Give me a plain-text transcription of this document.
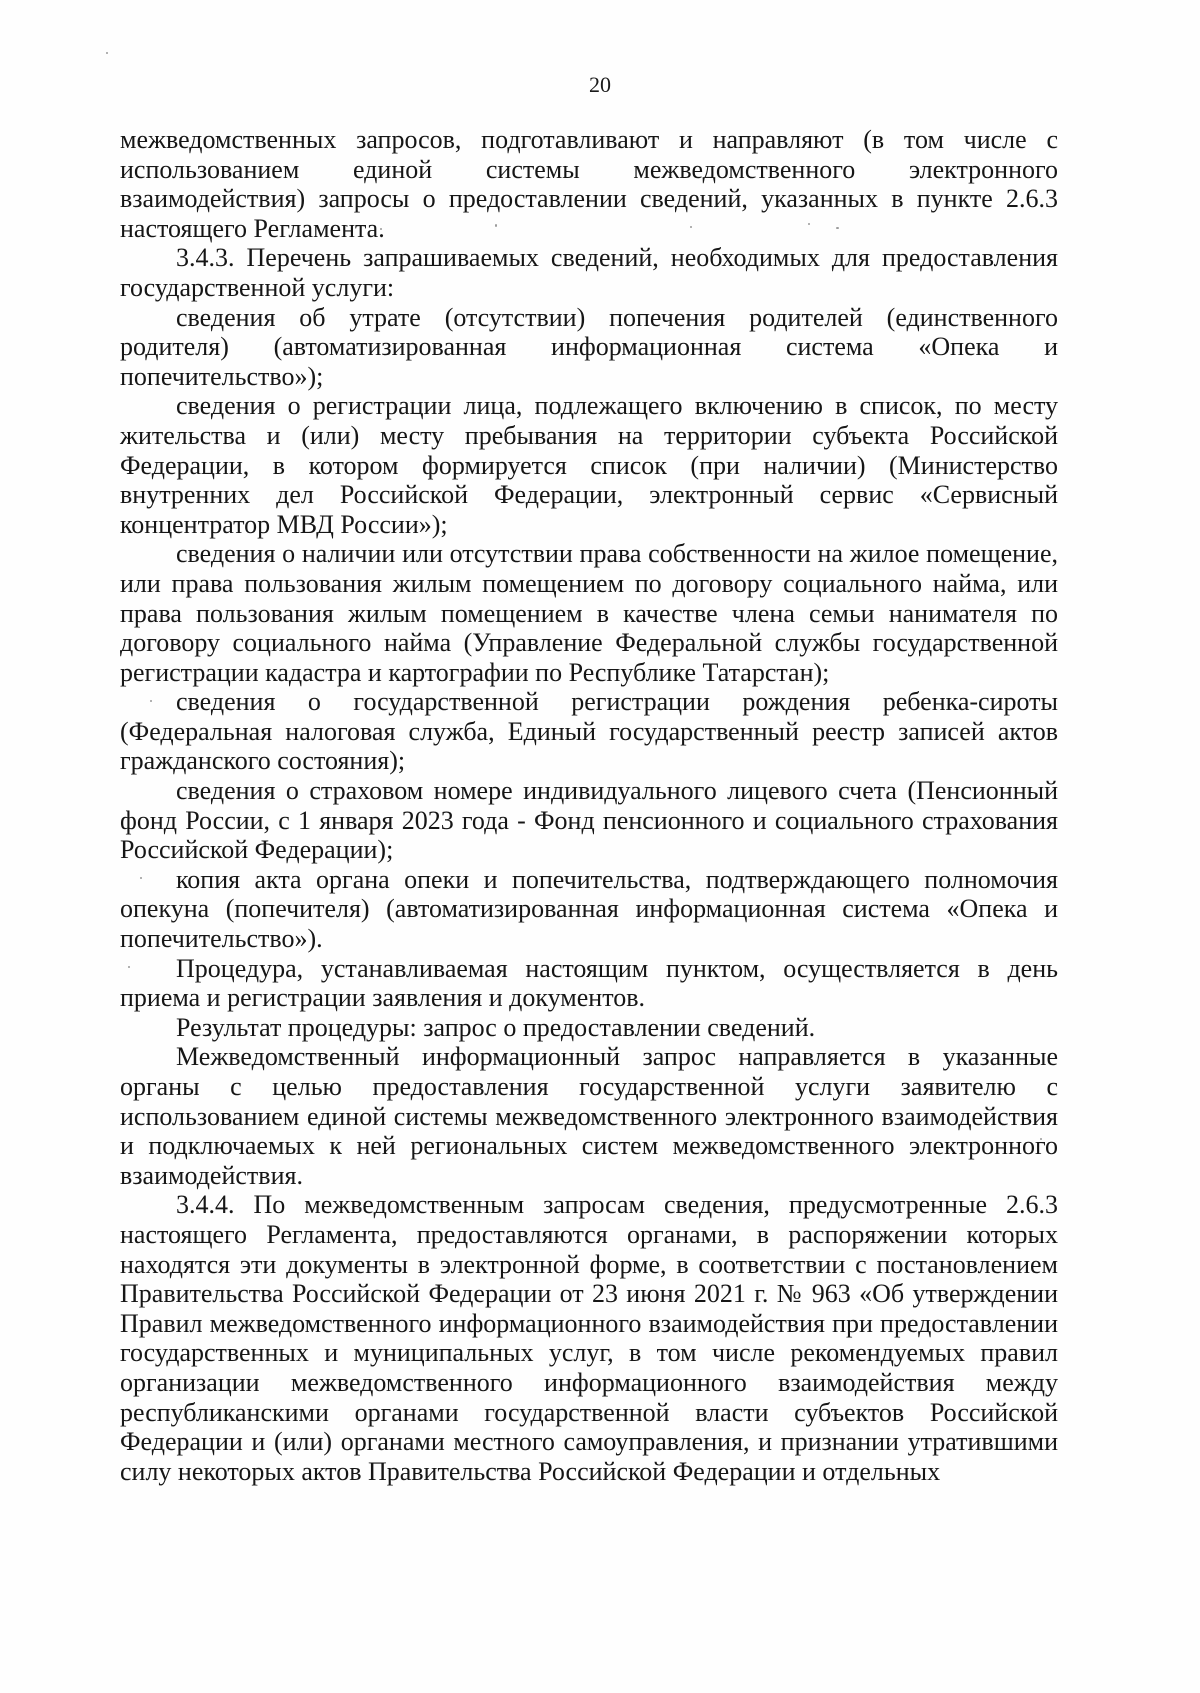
20

межведомственных запросов, подготавливают и направляют (в том числе с использованием единой системы межведомственного электронного взаимодействия) запросы о предоставлении сведений, указанных в пункте 2.6.3 настоящего Регламента.

3.4.3. Перечень запрашиваемых сведений, необходимых для предоставления государственной услуги:

сведения об утрате (отсутствии) попечения родителей (единственного родителя) (автоматизированная информационная система «Опека и попечительство»);

сведения о регистрации лица, подлежащего включению в список, по месту жительства и (или) месту пребывания на территории субъекта Российской Федерации, в котором формируется список (при наличии) (Министерство внутренних дел Российской Федерации, электронный сервис «Сервисный концентратор МВД России»);

сведения о наличии или отсутствии права собственности на жилое помещение, или права пользования жилым помещением по договору социального найма, или права пользования жилым помещением в качестве члена семьи нанимателя по договору социального найма (Управление Федеральной службы государственной регистрации кадастра и картографии по Республике Татарстан);

сведения о государственной регистрации рождения ребенка-сироты (Федеральная налоговая служба, Единый государственный реестр записей актов гражданского состояния);

сведения о страховом номере индивидуального лицевого счета (Пенсионный фонд России, с 1 января 2023 года - Фонд пенсионного и социального страхования Российской Федерации);

копия акта органа опеки и попечительства, подтверждающего полномочия опекуна (попечителя) (автоматизированная информационная система «Опека и попечительство»).

Процедура, устанавливаемая настоящим пунктом, осуществляется в день приема и регистрации заявления и документов.

Результат процедуры: запрос о предоставлении сведений.

Межведомственный информационный запрос направляется в указанные органы с целью предоставления государственной услуги заявителю с использованием единой системы межведомственного электронного взаимодействия и подключаемых к ней региональных систем межведомственного электронного взаимодействия.

3.4.4. По межведомственным запросам сведения, предусмотренные 2.6.3 настоящего Регламента, предоставляются органами, в распоряжении которых находятся эти документы в электронной форме, в соответствии с постановлением Правительства Российской Федерации от 23 июня 2021 г. № 963 «Об утверждении Правил межведомственного информационного взаимодействия при предоставлении государственных и муниципальных услуг, в том числе рекомендуемых правил организации межведомственного информационного взаимодействия между республиканскими органами государственной власти субъектов Российской Федерации и (или) органами местного самоуправления, и признании утратившими силу некоторых актов Правительства Российской Федерации и отдельных
